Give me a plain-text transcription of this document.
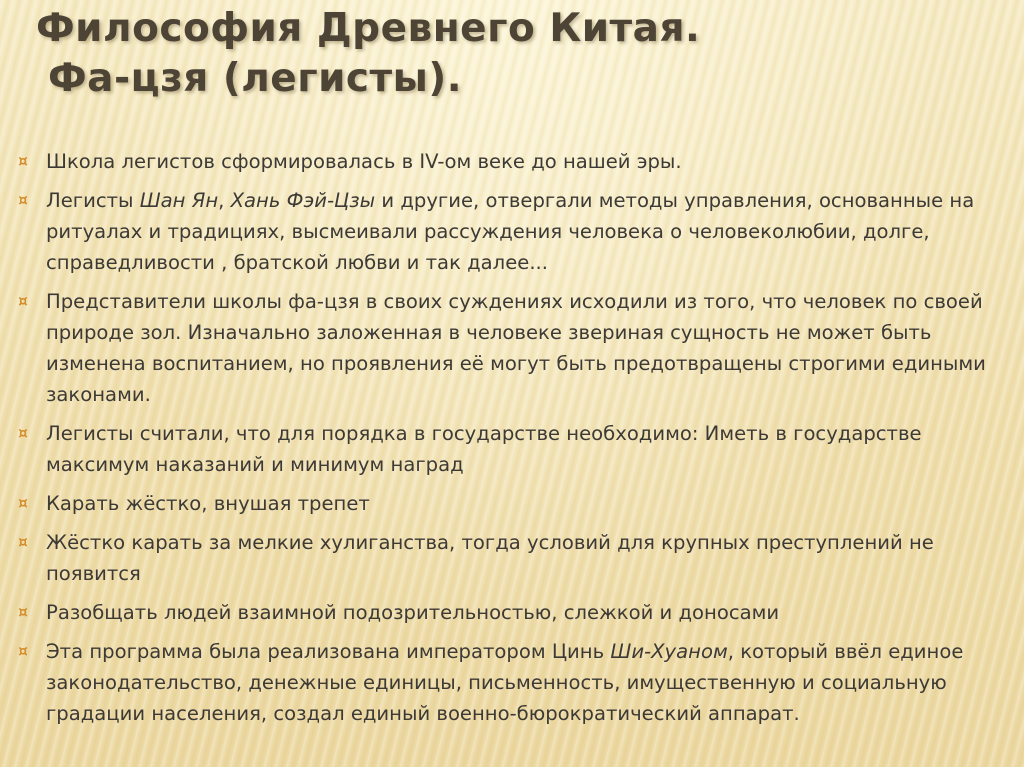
Философия Древнего Китая.
Фа-цзя (легисты).
¤ Школа легистов сформировалась в IV-ом веке до нашей эры.
¤ Легисты Шан Ян, Хань Фэй-Цзы и другие, отвергали методы управления, основанные на ритуалах и традициях, высмеивали рассуждения человека о человеколюбии, долге, справедливости , братской любви и так далее...
¤ Представители школы фа-цзя в своих суждениях исходили из того, что человек по своей природе зол. Изначально заложенная в человеке звериная сущность не может быть изменена воспитанием, но проявления её могут быть предотвращены строгими едиными законами.
¤ Легисты считали, что для порядка в государстве необходимо: Иметь в государстве максимум наказаний и минимум наград
¤ Карать жёстко, внушая трепет
¤ Жёстко карать за мелкие хулиганства, тогда условий для крупных преступлений не появится
¤ Разобщать людей взаимной подозрительностью, слежкой и доносами
¤ Эта программа была реализована императором Цинь Ши-Хуаном, который ввёл единое законодательство, денежные единицы, письменность, имущественную и социальную градации населения, создал единый военно-бюрократический аппарат.
